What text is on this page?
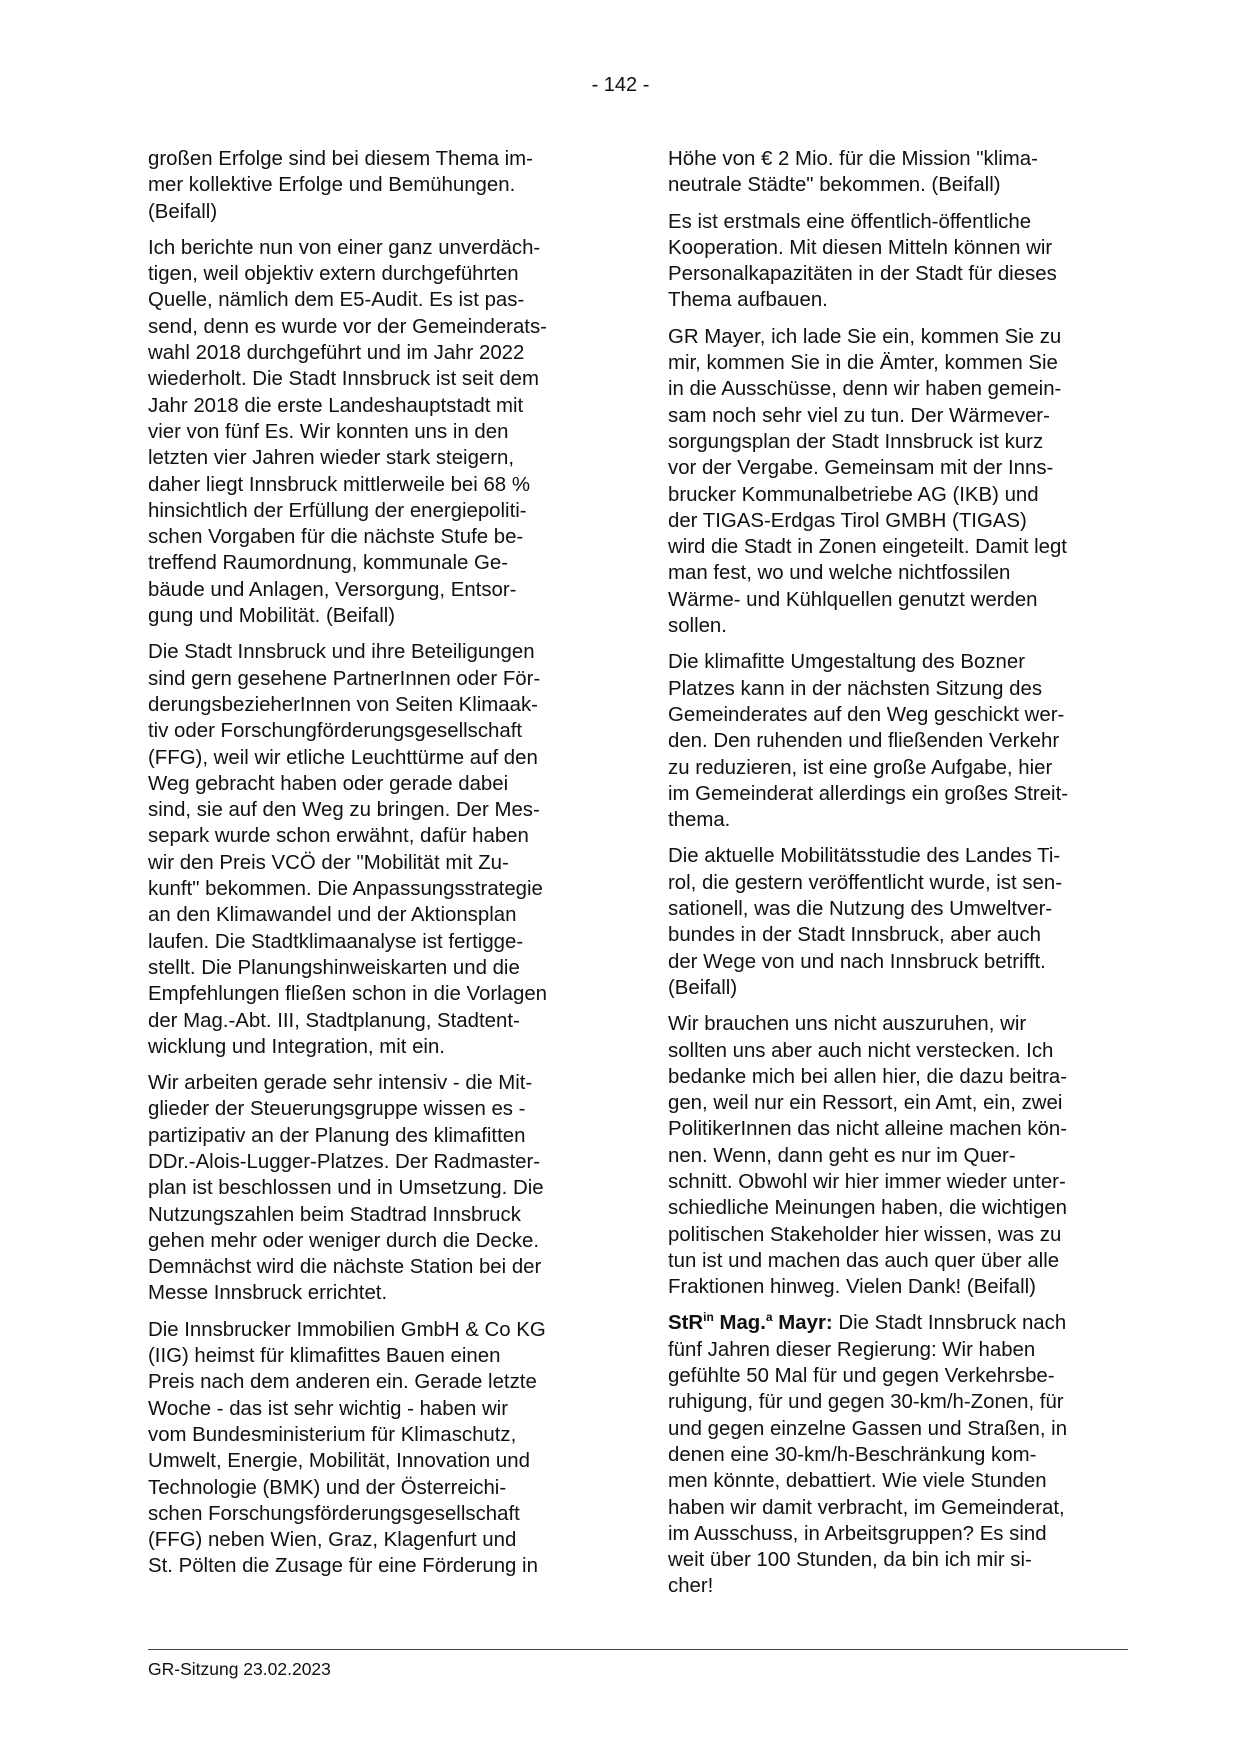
- 142 -

großen Erfolge sind bei diesem Thema im-
mer kollektive Erfolge und Bemühungen.
(Beifall)

Ich berichte nun von einer ganz unverdäch-
tigen, weil objektiv extern durchgeführten
Quelle, nämlich dem E5-Audit. Es ist pas-
send, denn es wurde vor der Gemeinderats-
wahl 2018 durchgeführt und im Jahr 2022
wiederholt. Die Stadt Innsbruck ist seit dem
Jahr 2018 die erste Landeshauptstadt mit
vier von fünf Es. Wir konnten uns in den
letzten vier Jahren wieder stark steigern,
daher liegt Innsbruck mittlerweile bei 68 %
hinsichtlich der Erfüllung der energiepoliti-
schen Vorgaben für die nächste Stufe be-
treffend Raumordnung, kommunale Ge-
bäude und Anlagen, Versorgung, Entsor-
gung und Mobilität. (Beifall)

Die Stadt Innsbruck und ihre Beteiligungen
sind gern gesehene PartnerInnen oder För-
derungsbezieherInnen von Seiten Klimaak-
tiv oder Forschungförderungsgesellschaft
(FFG), weil wir etliche Leuchttürme auf den
Weg gebracht haben oder gerade dabei
sind, sie auf den Weg zu bringen. Der Mes-
separk wurde schon erwähnt, dafür haben
wir den Preis VCÖ der "Mobilität mit Zu-
kunft" bekommen. Die Anpassungsstrategie
an den Klimawandel und der Aktionsplan
laufen. Die Stadtklimaanalyse ist fertigge-
stellt. Die Planungshinweiskarten und die
Empfehlungen fließen schon in die Vorlagen
der Mag.-Abt. III, Stadtplanung, Stadtent-
wicklung und Integration, mit ein.

Wir arbeiten gerade sehr intensiv - die Mit-
glieder der Steuerungsgruppe wissen es -
partizipativ an der Planung des klimafitten
DDr.-Alois-Lugger-Platzes. Der Radmaster-
plan ist beschlossen und in Umsetzung. Die
Nutzungszahlen beim Stadtrad Innsbruck
gehen mehr oder weniger durch die Decke.
Demnächst wird die nächste Station bei der
Messe Innsbruck errichtet.

Die Innsbrucker Immobilien GmbH & Co KG
(IIG) heimst für klimafittes Bauen einen
Preis nach dem anderen ein. Gerade letzte
Woche - das ist sehr wichtig - haben wir
vom Bundesministerium für Klimaschutz,
Umwelt, Energie, Mobilität, Innovation und
Technologie (BMK) und der Österreichi-
schen Forschungsförderungsgesellschaft
(FFG) neben Wien, Graz, Klagenfurt und
St. Pölten die Zusage für eine Förderung in

Höhe von € 2 Mio. für die Mission "klima-
neutrale Städte" bekommen. (Beifall)

Es ist erstmals eine öffentlich-öffentliche
Kooperation. Mit diesen Mitteln können wir
Personalkapazitäten in der Stadt für dieses
Thema aufbauen.

GR Mayer, ich lade Sie ein, kommen Sie zu
mir, kommen Sie in die Ämter, kommen Sie
in die Ausschüsse, denn wir haben gemein-
sam noch sehr viel zu tun. Der Wärmever-
sorgungsplan der Stadt Innsbruck ist kurz
vor der Vergabe. Gemeinsam mit der Inns-
brucker Kommunalbetriebe AG (IKB) und
der TIGAS-Erdgas Tirol GMBH (TIGAS)
wird die Stadt in Zonen eingeteilt. Damit legt
man fest, wo und welche nichtfossilen
Wärme- und Kühlquellen genutzt werden
sollen.

Die klimafitte Umgestaltung des Bozner
Platzes kann in der nächsten Sitzung des
Gemeinderates auf den Weg geschickt wer-
den. Den ruhenden und fließenden Verkehr
zu reduzieren, ist eine große Aufgabe, hier
im Gemeinderat allerdings ein großes Streit-
thema.

Die aktuelle Mobilitätsstudie des Landes Ti-
rol, die gestern veröffentlicht wurde, ist sen-
sationell, was die Nutzung des Umweltver-
bundes in der Stadt Innsbruck, aber auch
der Wege von und nach Innsbruck betrifft.
(Beifall)

Wir brauchen uns nicht auszuruhen, wir
sollten uns aber auch nicht verstecken. Ich
bedanke mich bei allen hier, die dazu beitra-
gen, weil nur ein Ressort, ein Amt, ein, zwei
PolitikerInnen das nicht alleine machen kön-
nen. Wenn, dann geht es nur im Quer-
schnitt. Obwohl wir hier immer wieder unter-
schiedliche Meinungen haben, die wichtigen
politischen Stakeholder hier wissen, was zu
tun ist und machen das auch quer über alle
Fraktionen hinweg. Vielen Dank! (Beifall)

StR$^{in}$ Mag.$^a$ Mayr: Die Stadt Innsbruck nach
fünf Jahren dieser Regierung: Wir haben
gefühlte 50 Mal für und gegen Verkehrsbe-
ruhigung, für und gegen 30-km/h-Zonen, für
und gegen einzelne Gassen und Straßen, in
denen eine 30-km/h-Beschränkung kom-
men könnte, debattiert. Wie viele Stunden
haben wir damit verbracht, im Gemeinderat,
im Ausschuss, in Arbeitsgruppen? Es sind
weit über 100 Stunden, da bin ich mir si-
cher!

GR-Sitzung 23.02.2023
